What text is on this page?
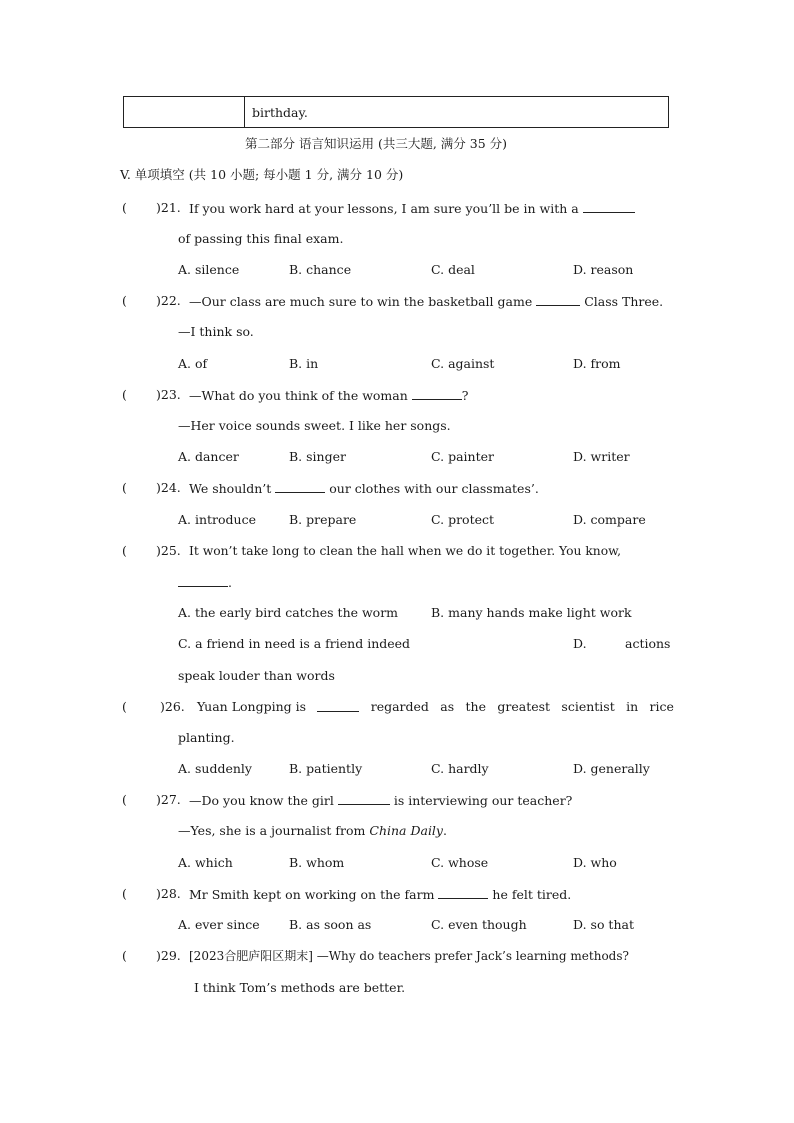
birthday.
第二部分 语言知识运用 (共三大题, 满分 35 分)
V. 单项填空 (共 10 小题; 每小题 1 分, 满分 10 分)
( )21. If you work hard at your lessons, I am sure you’ll be in with a
of passing this final exam.
A. silence	B. chance	C. deal	D. reason
( )22. —Our class are much sure to win the basketball game	Class Three.
—I think so.
A. of	B. in	C. against	D. from
( )23. —What do you think of the woman	?
—Her voice sounds sweet. I like her songs.
A. dancer	B. singer	C. painter	D. writer
( )24. We shouldn’t	our clothes with our classmates’.
A. introduce	B. prepare	C. protect	D. compare
( )25. It won’t take long to clean the hall when we do it together. You know,
.
A. the early bird catches the worm	B. many hands make light work
C. a friend in need is a friend indeed	D.	actions
speak louder than words
(	)26. Yuan Longping is	regarded as the greatest scientist in rice
planting.
A. suddenly	B. patiently	C. hardly	D. generally
( )27. —Do you know the girl	is interviewing our teacher?
—Yes, she is a journalist from China Daily.
A. which	B. whom	C. whose	D. who
( )28. Mr Smith kept on working on the farm	he felt tired.
A. ever since B. as soon as	C. even though	D. so that
( )29. [2023合肥庐阳区期末] —Why do teachers prefer Jack’s learning methods?
I think Tom’s methods are better.
